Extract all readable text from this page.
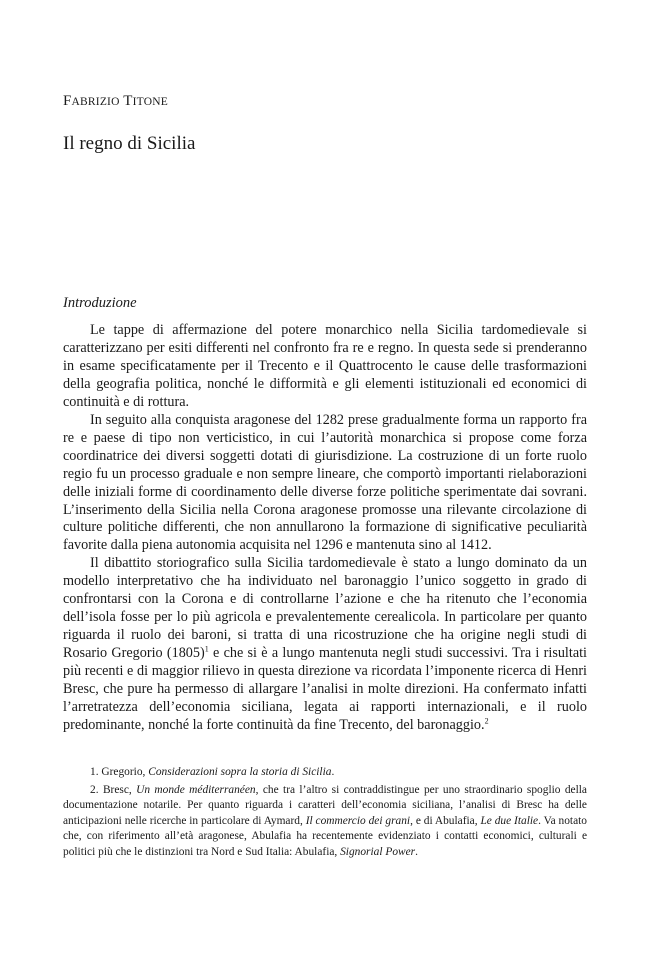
FABRIZIO TITONE
Il regno di Sicilia
Introduzione

Le tappe di affermazione del potere monarchico nella Sicilia tardomedievale si caratterizzano per esiti differenti nel confronto fra re e regno. In questa sede si prenderanno in esame specificatamente per il Trecento e il Quattrocento le cause delle trasformazioni della geografia politica, nonché le difformità e gli elementi istituzionali ed economici di continuità e di rottura.

In seguito alla conquista aragonese del 1282 prese gradualmente forma un rapporto fra re e paese di tipo non verticistico, in cui l’autorità monarchica si propose come forza coordinatrice dei diversi soggetti dotati di giurisdizione. La costruzione di un forte ruolo regio fu un processo graduale e non sempre lineare, che comportò importanti rielaborazioni delle iniziali forme di coordinamento delle diverse forze politiche sperimentate dai sovrani. L’inserimento della Sicilia nella Corona aragonese promosse una rilevante circolazione di culture politiche differenti, che non annullarono la formazione di significative peculiarità favorite dalla piena autonomia acquisita nel 1296 e mantenuta sino al 1412.

Il dibattito storiografico sulla Sicilia tardomedievale è stato a lungo dominato da un modello interpretativo che ha individuato nel baronaggio l’unico soggetto in grado di confrontarsi con la Corona e di controllarne l’azione e che ha ritenuto che l’economia dell’isola fosse per lo più agricola e prevalentemente cerealicola. In particolare per quanto riguarda il ruolo dei baroni, si tratta di una ricostruzione che ha origine negli studi di Rosario Gregorio $(1805)^1$ e che si è a lungo mantenuta negli studi successivi. Tra i risultati più recenti e di maggior rilievo in questa direzione va ricordata l’imponente ricerca di Henri Bresc, che pure ha permesso di allargare l’analisi in molte direzioni. Ha confermato infatti l’arretratezza dell’economia siciliana, legata ai rapporti internazionali, e il ruolo predominante, nonché la forte continuità da fine Trecento, del baronaggio.$^2$

1. Gregorio, Considerazioni sopra la storia di Sicilia.

2. Bresc, Un monde méditerranéen, che tra l’altro si contraddistingue per uno straordinario spoglio della documentazione notarile. Per quanto riguarda i caratteri dell’economia siciliana, l’analisi di Bresc ha delle anticipazioni nelle ricerche in particolare di Aymard, Il commercio dei grani, e di Abulafia, Le due Italie. Va notato che, con riferimento all’età aragonese, Abulafia ha recentemente evidenziato i contatti economici, culturali e politici più che le distinzioni tra Nord e Sud Italia: Abulafia, Signorial Power.
